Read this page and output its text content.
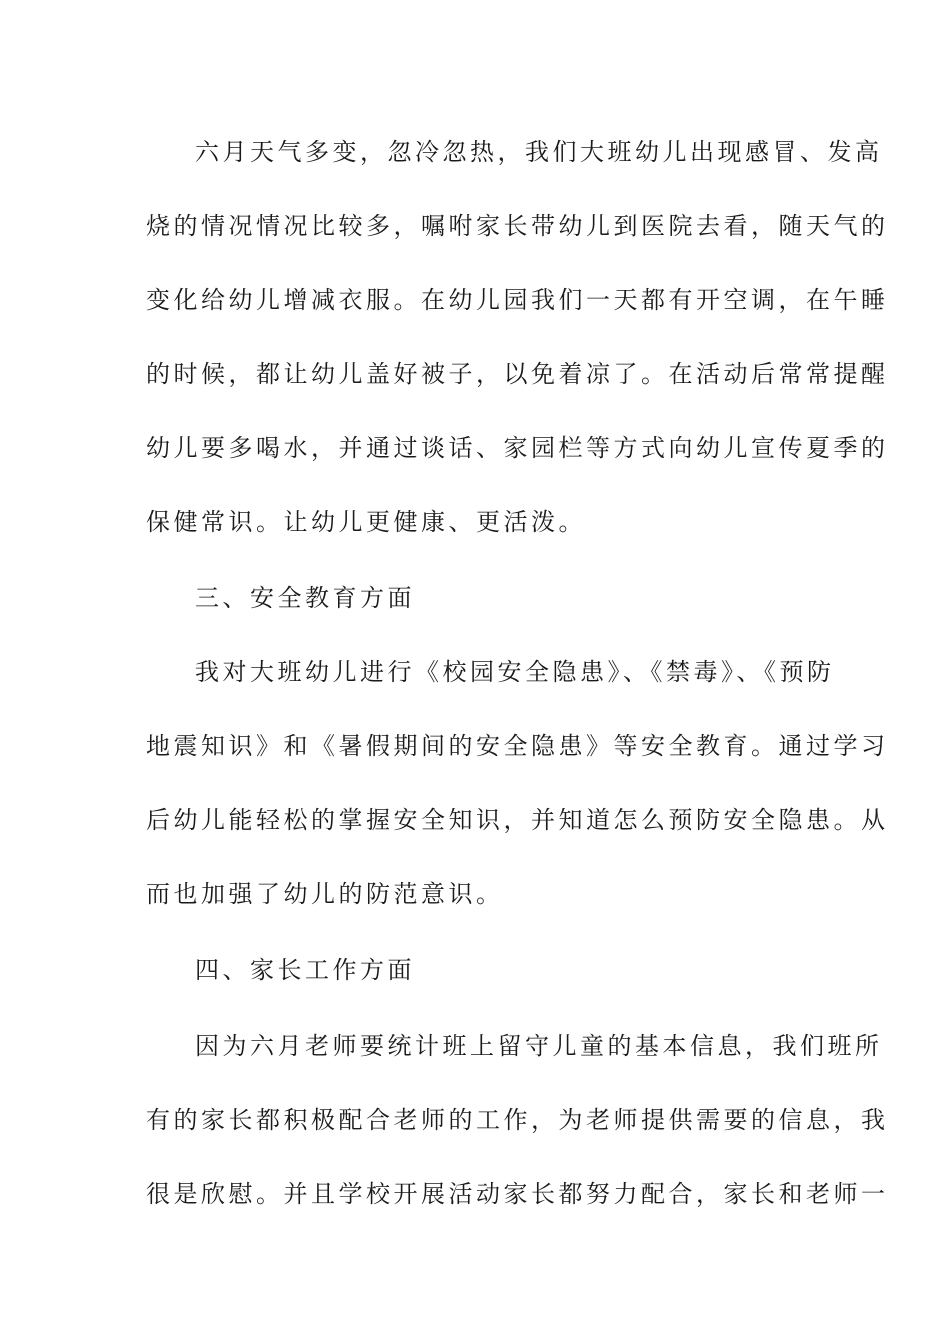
六月天气多变，忽冷忽热，我们大班幼儿出现感冒、发高
烧的情况情况比较多，嘱咐家长带幼儿到医院去看，随天气的
变化给幼儿增减衣服。在幼儿园我们一天都有开空调，在午睡
的时候，都让幼儿盖好被子，以免着凉了。在活动后常常提醒
幼儿要多喝水，并通过谈话、家园栏等方式向幼儿宣传夏季的
保健常识。让幼儿更健康、更活泼。
三、安全教育方面
我对大班幼儿进行《校园安全隐患》、《禁毒》、《预防
地震知识》和《暑假期间的安全隐患》等安全教育。通过学习
后幼儿能轻松的掌握安全知识，并知道怎么预防安全隐患。从
而也加强了幼儿的防范意识。
四、家长工作方面
因为六月老师要统计班上留守儿童的基本信息，我们班所
有的家长都积极配合老师的工作，为老师提供需要的信息，我
很是欣慰。并且学校开展活动家长都努力配合，家长和老师一
